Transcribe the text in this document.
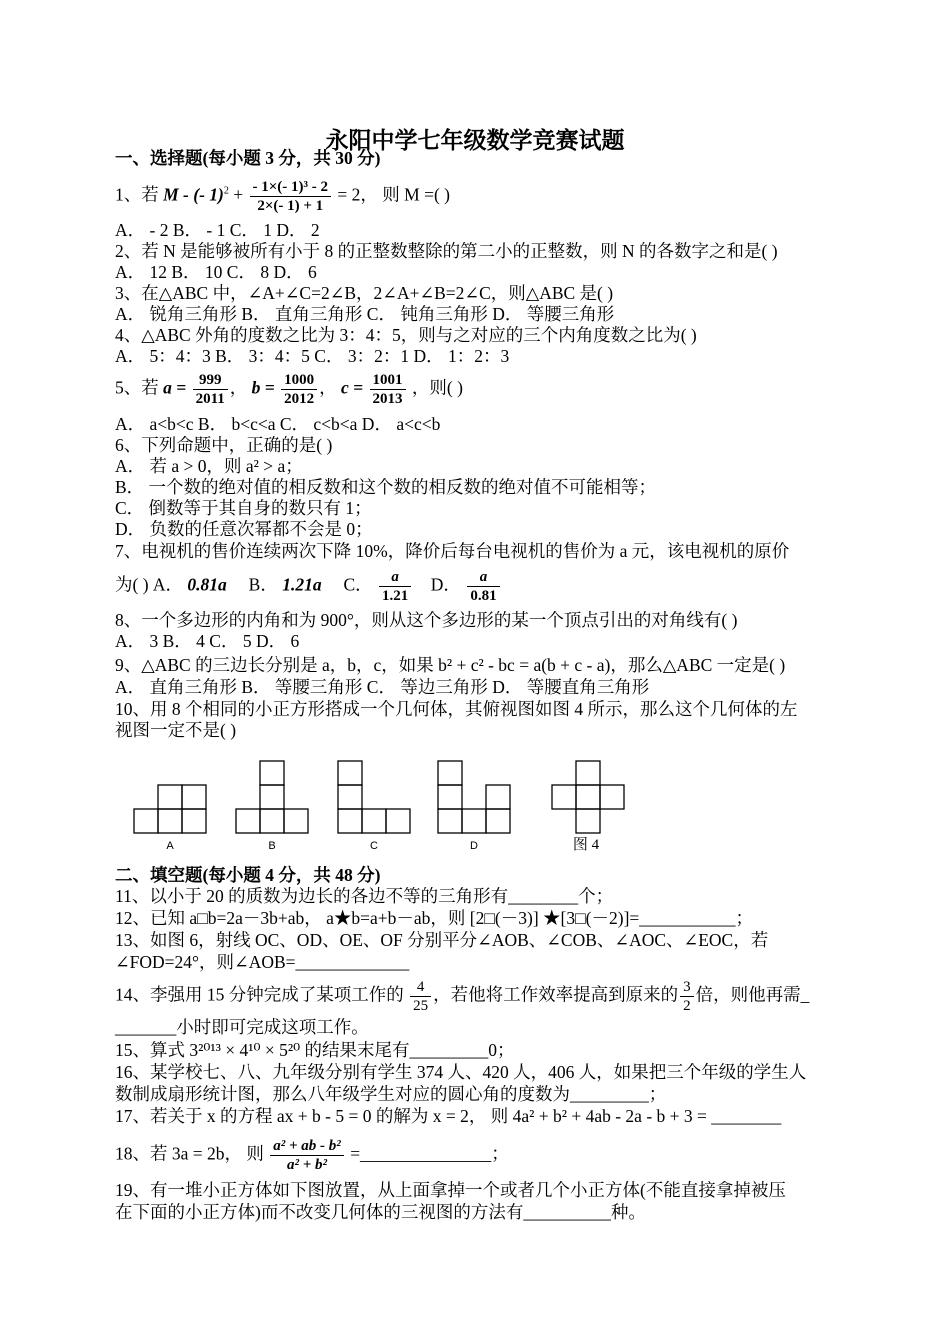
永阳中学七年级数学竞赛试题
一、选择题(每小题 3 分，共 30 分)
1、若 M - (- $1)^2 + \frac{\text{- 1×(- 1)³ - 2}}{2\times(- 1) + 1} = 2$， 则 M =( )
A． - 2 B． - 1 C． 1 D． 2
2、若 N 是能够被所有小于 8 的正整数整除的第二小的正整数，则 N 的各数字之和是( )
A． 12 B． 10 C． 8 D． 6
3、在△ABC 中，∠A+∠C=2∠B，2∠A+∠B=2∠C，则△ABC 是( )
A． 锐角三角形 B． 直角三角形 C． 钝角三角形 D． 等腰三角形
4、△ABC 外角的度数之比为 3：4：5，则与之对应的三个内角度数之比为( )
A． 5：4：3 B． 3：4：5 C． 3：2：1 D． 1：2：3
5、若 $a = \frac{999}{2011}$ ， $b = \frac{1000}{2012}$ ， $c = \frac{1001}{2013}$ ，则( )
A． a<b<c B． b<c<a C． c<b<a D． a<c<b
6、下列命题中，正确的是( )
A． 若 a > 0，则 a² > a；
B． 一个数的绝对值的相反数和这个数的相反数的绝对值不可能相等；
C． 倒数等于其自身的数只有 1；
D． 负数的任意次幂都不会是 0；
7、电视机的售价连续两次下降 10%，降价后每台电视机的售价为 a 元，该电视机的原价
为( ) A． 0.81a B． 1.21a C． $\frac{a}{1.21}$ D． $\frac{a}{0.81}$
8、一个多边形的内角和为 900°，则从这个多边形的某一个顶点引出的对角线有( )
A． 3 B． 4 C． 5 D． 6
9、△ABC 的三边长分别是 a，b，c，如果 b² + c² - bc = a(b + c - a)，那么△ABC 一定是( )
A． 直角三角形 B． 等腰三角形 C． 等边三角形 D． 等腰直角三角形
10、用 8 个相同的小正方形搭成一个几何体，其俯视图如图 4 所示，那么这个几何体的左
视图一定不是( )
A	B	C	D	图 4
二、填空题(每小题 4 分，共 48 分)
11、以小于 20 的质数为边长的各边不等的三角形有________个；
12、已知 a□b=2a－3b+ab， a★b=a+b－ab，则 [2□(－3)] ★[3□(－2)]=___________；
13、如图 6，射线 OC、OD、OE、OF 分别平分∠AOB、∠COB、∠AOC、∠EOC，若
∠FOD=24°，则∠AOB=_____________
14、李强用 15 分钟完成了某项工作的 $\frac{4}{25}$ ，若他将工作效率提高到原来的 $\frac{3}{2}$ 倍，则他再需_
_______小时即可完成这项工作。
15、算式 3²⁰¹³ × 4¹⁰ × 5²⁰ 的结果末尾有_________0；
16、某学校七、八、九年级分别有学生 374 人、420 人，406 人，如果把三个年级的学生人
数制成扇形统计图，那么八年级学生对应的圆心角的度数为_________；
17、若关于 x 的方程 ax + b - 5 = 0 的解为 x = 2， 则 4a² + b² + 4ab - 2a - b + 3 = ________
18、若 3a = 2b， 则 $\frac{\text{a² + ab - b²}}{\text{a² + b²}}$ =_______________；
19、有一堆小正方体如下图放置，从上面拿掉一个或者几个小正方体(不能直接拿掉被压
在下面的小正方体)而不改变几何体的三视图的方法有__________种。
